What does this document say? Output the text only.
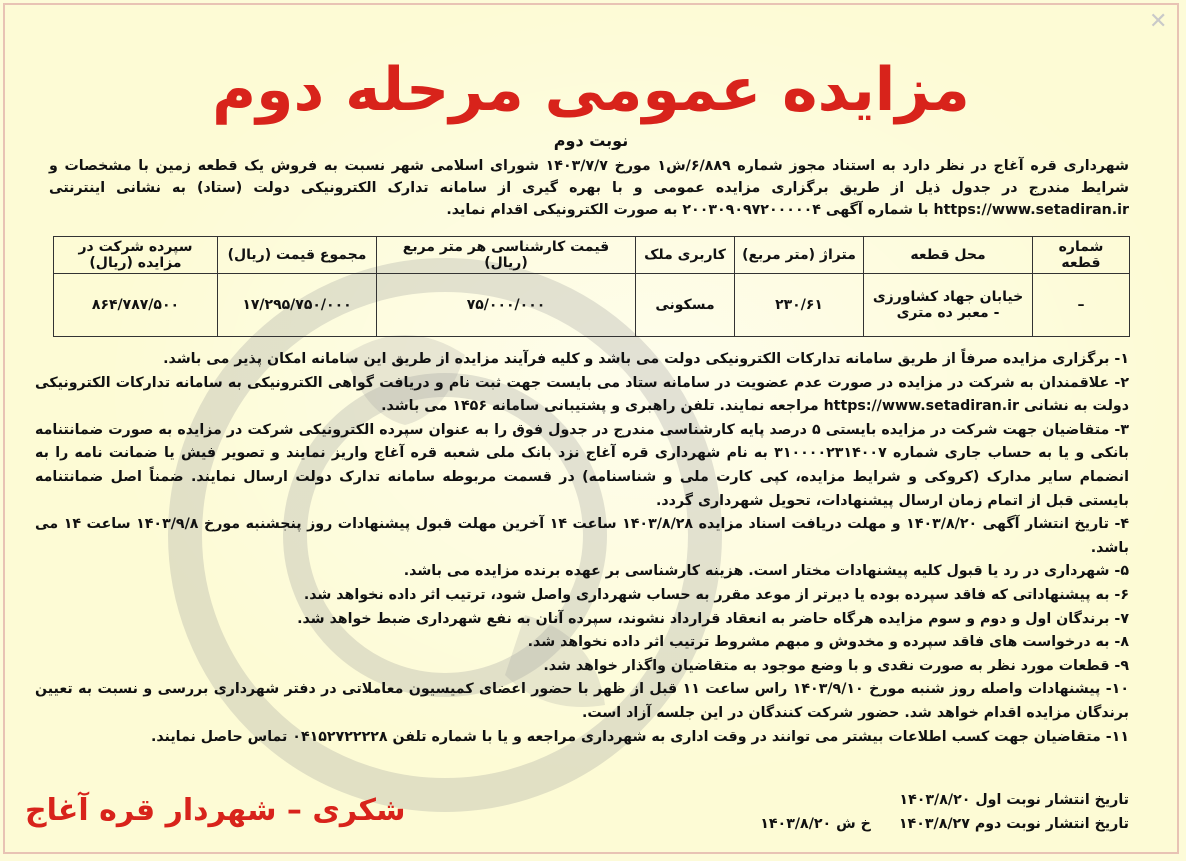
✕
مزایده عمومی مرحله دوم
نوبت دوم
شهرداری قره آغاج در نظر دارد به استناد مجوز شماره ۶/۸۸۹/ش۱ مورخ ۱۴۰۳/۷/۷ شورای اسلامی شهر نسبت به فروش یک قطعه زمین با مشخصات و شرایط مندرج در جدول ذیل از طریق برگزاری مزایده عمومی و با بهره گیری از سامانه تدارک الکترونیکی دولت (ستاد) به نشانی اینترنتی https://www.setadiran.ir با شماره آگهی ۲۰۰۳۰۹۰۹۷۲۰۰۰۰۰۴ به صورت الکترونیکی اقدام نماید.
شماره قطعه	محل قطعه	متراژ (متر مربع)	کاربری ملک	قیمت کارشناسی هر متر مربع (ریال)	مجموع قیمت (ریال)	سپرده شرکت در مزایده (ریال)
–	خیابان جهاد کشاورزی - معبر ده متری	۲۳۰/۶۱	مسکونی	۷۵/۰۰۰/۰۰۰	۱۷/۲۹۵/۷۵۰/۰۰۰	۸۶۴/۷۸۷/۵۰۰

۱- برگزاری مزایده صرفاً از طریق سامانه تدارکات الکترونیکی دولت می باشد و کلیه فرآیند مزایده از طریق این سامانه امکان پذیر می باشد.

۲- علاقمندان به شرکت در مزایده در صورت عدم عضویت در سامانه ستاد می بایست جهت ثبت نام و دریافت گواهی الکترونیکی به سامانه تدارکات الکترونیکی دولت به نشانی https://www.setadiran.ir مراجعه نمایند. تلفن راهبری و پشتیبانی سامانه ۱۴۵۶ می باشد.

۳- متقاضیان جهت شرکت در مزایده بایستی ۵ درصد پایه کارشناسی مندرج در جدول فوق را به عنوان سپرده الکترونیکی شرکت در مزایده به صورت ضمانتنامه بانکی و یا به حساب جاری شماره ۳۱۰۰۰۰۲۳۱۴۰۰۷ به نام شهرداری قره آغاج نزد بانک ملی شعبه قره آغاج واریز نمایند و تصویر فیش یا ضمانت نامه را به انضمام سایر مدارک (کروکی و شرایط مزایده، کپی کارت ملی و شناسنامه) در قسمت مربوطه سامانه تدارک دولت ارسال نمایند. ضمناً اصل ضمانتنامه بایستی قبل از اتمام زمان ارسال پیشنهادات، تحویل شهرداری گردد.

۴- تاریخ انتشار آگهی ۱۴۰۳/۸/۲۰ و مهلت دریافت اسناد مزایده ۱۴۰۳/۸/۲۸ ساعت ۱۴ آخرین مهلت قبول پیشنهادات روز پنجشنبه مورخ ۱۴۰۳/۹/۸ ساعت ۱۴ می باشد.

۵- شهرداری در رد یا قبول کلیه پیشنهادات مختار است. هزینه کارشناسی بر عهده برنده مزایده می باشد.

۶- به پیشنهاداتی که فاقد سپرده بوده یا دیرتر از موعد مقرر به حساب شهرداری واصل شود، ترتیب اثر داده نخواهد شد.

۷- برندگان اول و دوم و سوم مزایده هرگاه حاضر به انعقاد قرارداد نشوند، سپرده آنان به نفع شهرداری ضبط خواهد شد.

۸- به درخواست های فاقد سپرده و مخدوش و مبهم مشروط ترتیب اثر داده نخواهد شد.

۹- قطعات مورد نظر به صورت نقدی و با وضع موجود به متقاضیان واگذار خواهد شد.

۱۰- پیشنهادات واصله روز شنبه مورخ ۱۴۰۳/۹/۱۰ راس ساعت ۱۱ قبل از ظهر با حضور اعضای کمیسیون معاملاتی در دفتر شهرداری بررسی و نسبت به تعیین برندگان مزایده اقدام خواهد شد. حضور شرکت کنندگان در این جلسه آزاد است.

۱۱- متقاضیان جهت کسب اطلاعات بیشتر می توانند در وقت اداری به شهرداری مراجعه و یا با شماره تلفن ۰۴۱۵۲۷۲۲۲۲۸ تماس حاصل نمایند.

تاریخ انتشار نوبت اول ۱۴۰۳/۸/۲۰
تاریخ انتشار نوبت دوم ۱۴۰۳/۸/۲۷
خ ش ۱۴۰۳/۸/۲۰
شکری – شهردار قره آغاج
